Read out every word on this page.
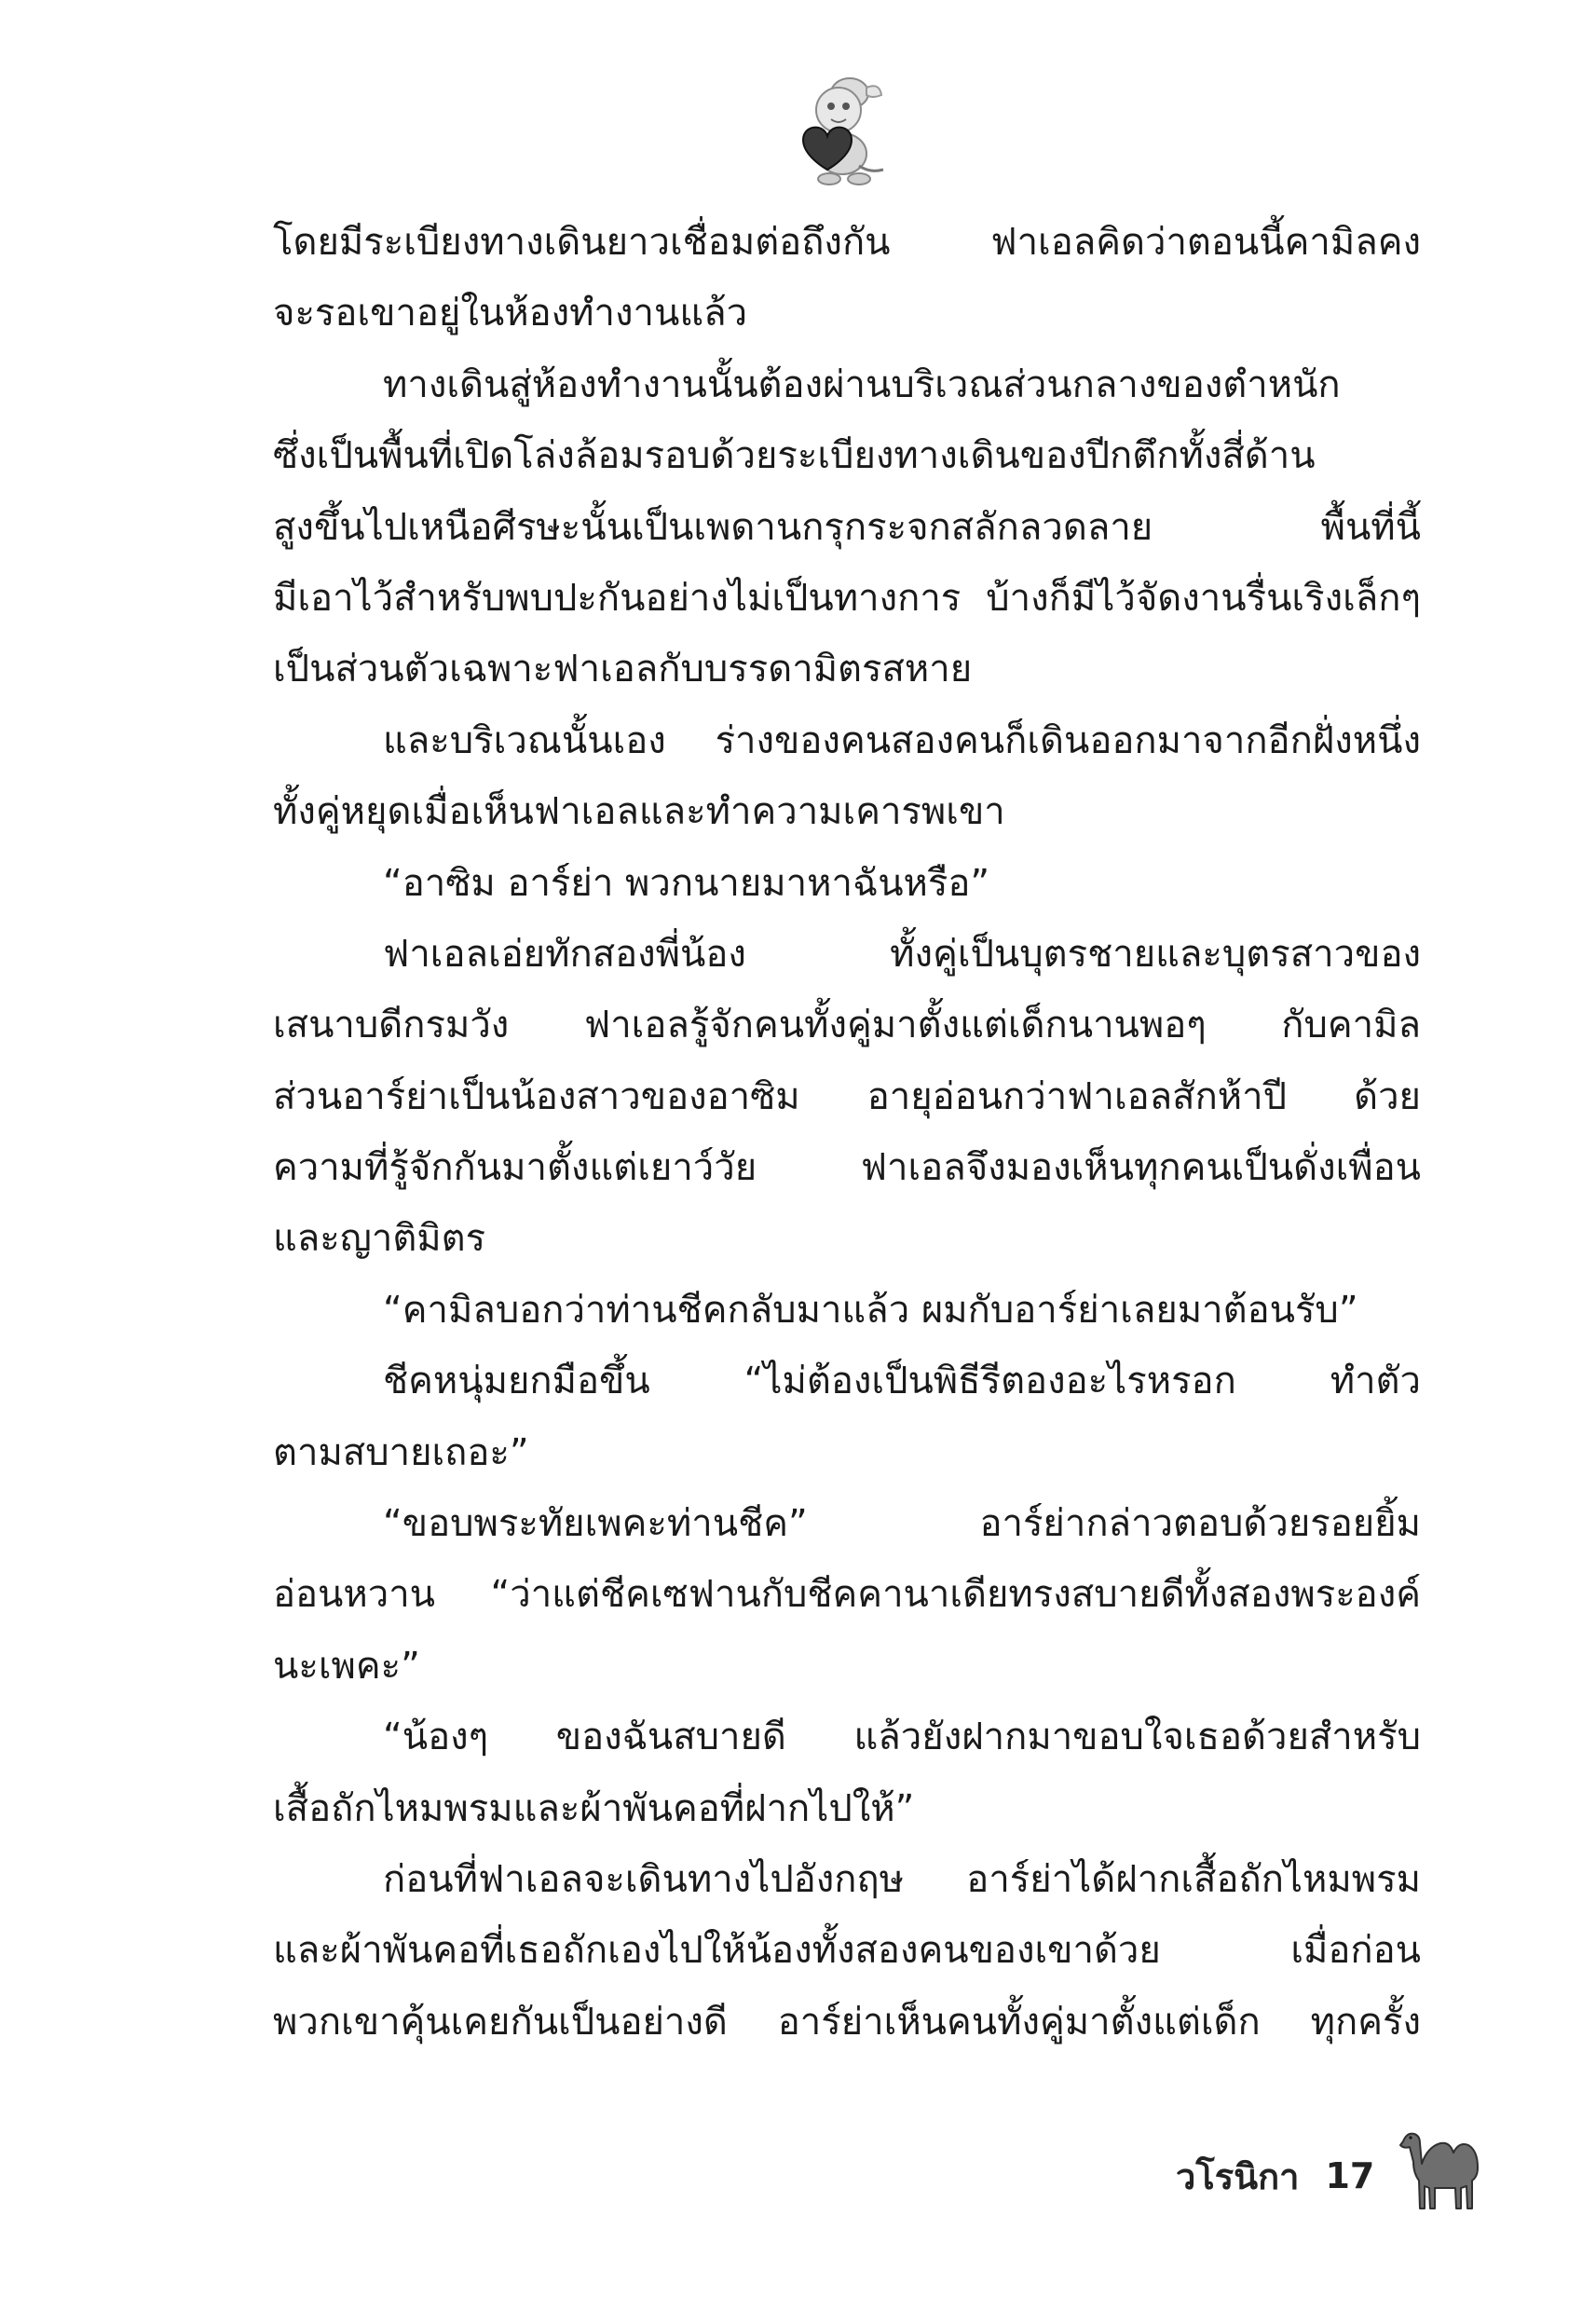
โดยมีระเบียงทางเดินยาวเชื่อมต่อถึงกัน ฟาเอลคิดว่าตอนนี้คามิลคง
จะรอเขาอยู่ในห้องทำงานแล้ว
ทางเดินสู่ห้องทำงานนั้นต้องผ่านบริเวณส่วนกลางของตำหนัก
ซึ่งเป็นพื้นที่เปิดโล่งล้อมรอบด้วยระเบียงทางเดินของปีกตึกทั้งสี่ด้าน
สูงขึ้นไปเหนือศีรษะนั้นเป็นเพดานกรุกระจกสลักลวดลาย พื้นที่นี้
มีเอาไว้สำหรับพบปะกันอย่างไม่เป็นทางการ บ้างก็มีไว้จัดงานรื่นเริงเล็กๆ
เป็นส่วนตัวเฉพาะฟาเอลกับบรรดามิตรสหาย
และบริเวณนั้นเอง ร่างของคนสองคนก็เดินออกมาจากอีกฝั่งหนึ่ง
ทั้งคู่หยุดเมื่อเห็นฟาเอลและทำความเคารพเขา
“อาซิม อาร์ย่า พวกนายมาหาฉันหรือ”
ฟาเอลเอ่ยทักสองพี่น้อง ทั้งคู่เป็นบุตรชายและบุตรสาวของ
เสนาบดีกรมวัง ฟาเอลรู้จักคนทั้งคู่มาตั้งแต่เด็กนานพอๆ กับคามิล
ส่วนอาร์ย่าเป็นน้องสาวของอาซิม อายุอ่อนกว่าฟาเอลสักห้าปี ด้วย
ความที่รู้จักกันมาตั้งแต่เยาว์วัย ฟาเอลจึงมองเห็นทุกคนเป็นดั่งเพื่อน
และญาติมิตร
“คามิลบอกว่าท่านชีคกลับมาแล้ว ผมกับอาร์ย่าเลยมาต้อนรับ”
ชีคหนุ่มยกมือขึ้น “ไม่ต้องเป็นพิธีรีตองอะไรหรอก ทำตัว
ตามสบายเถอะ”
“ขอบพระทัยเพคะท่านชีค” อาร์ย่ากล่าวตอบด้วยรอยยิ้ม
อ่อนหวาน “ว่าแต่ชีคเซฟานกับชีคคานาเดียทรงสบายดีทั้งสองพระองค์
นะเพคะ”
“น้องๆ ของฉันสบายดี แล้วยังฝากมาขอบใจเธอด้วยสำหรับ
เสื้อถักไหมพรมและผ้าพันคอที่ฝากไปให้”
ก่อนที่ฟาเอลจะเดินทางไปอังกฤษ อาร์ย่าได้ฝากเสื้อถักไหมพรม
และผ้าพันคอที่เธอถักเองไปให้น้องทั้งสองคนของเขาด้วย เมื่อก่อน
พวกเขาคุ้นเคยกันเป็นอย่างดี อาร์ย่าเห็นคนทั้งคู่มาตั้งแต่เด็ก ทุกครั้ง
วโรนิกา 17
